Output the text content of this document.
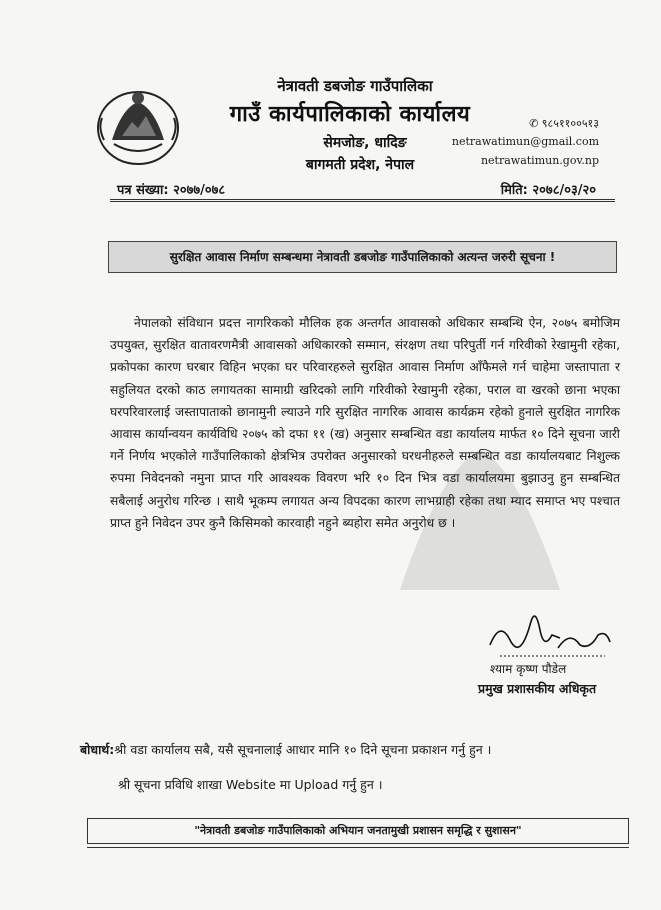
नेत्रावती डबजोङ गाउँपालिका
गाउँ कार्यपालिकाको कार्यालय
सेमजोङ, धादिङ
बागमती प्रदेश, नेपाल
✆ ९८५११००५१३
netrawatimun@gmail.com
netrawatimun.gov.np
पत्र संख्या: २०७७/०७८	मिति: २०७८/०३/२०
सुरक्षित आवास निर्माण सम्बन्धमा नेत्रावती डबजोङ गाउँपालिकाको अत्यन्त जरुरी सूचना !
नेपालको संविधान प्रदत्त नागरिकको मौलिक हक अन्तर्गत आवासको अधिकार सम्बन्धि ऐन, २०७५ बमोजिम उपयुक्त, सुरक्षित वातावरणमैत्री आवासको अधिकारको सम्मान, संरक्षण तथा परिपुर्ती गर्न गरिवीको रेखामुनी रहेका, प्रकोपका कारण घरबार विहिन भएका घर परिवारहरुले सुरक्षित आवास निर्माण आँफैमले गर्न चाहेमा जस्तापाता र सहुलियत दरको काठ लगायतका सामाग्री खरिदको लागि गरिवीको रेखामुनी रहेका, पराल वा खरको छाना भएका घरपरिवारलाई जस्तापाताको छानामुनी ल्याउने गरि सुरक्षित नागरिक आवास कार्यक्रम रहेको हुनाले सुरक्षित नागरिक आवास कार्यान्वयन कार्यविधि २०७५ को दफा ११ (ख) अनुसार सम्बन्धित वडा कार्यालय मार्फत १० दिने सूचना जारी गर्ने निर्णय भएकोले गाउँपालिकाको क्षेत्रभित्र उपरोक्त अनुसारको घरधनीहरुले सम्बन्धित वडा कार्यालयबाट निशुल्क रुपमा निवेदनको नमुना प्राप्त गरि आवश्यक विवरण भरि १० दिन भित्र वडा कार्यालयमा बुझाउनु हुन सम्बन्धित सबैलाई अनुरोध गरिन्छ । साथै भूकम्प लगायत अन्य विपदका कारण लाभग्राही रहेका तथा म्याद समाप्त भए पश्चात प्राप्त हुने निवेदन उपर कुनै किसिमको कारवाही नहुने ब्यहोरा समेत अनुरोध छ ।
श्याम कृष्ण पौडेल
प्रमुख प्रशासकीय अधिकृत
बोधार्थ:श्री वडा कार्यालय सबै, यसै सूचनालाई आधार मानि १० दिने सूचना प्रकाशन गर्नु हुन ।
श्री सूचना प्रविधि शाखा Website मा Upload गर्नु हुन ।
"नेत्रावती डबजोङ गाउँपालिकाको अभियान जनतामुखी प्रशासन समृद्धि र सुशासन"
